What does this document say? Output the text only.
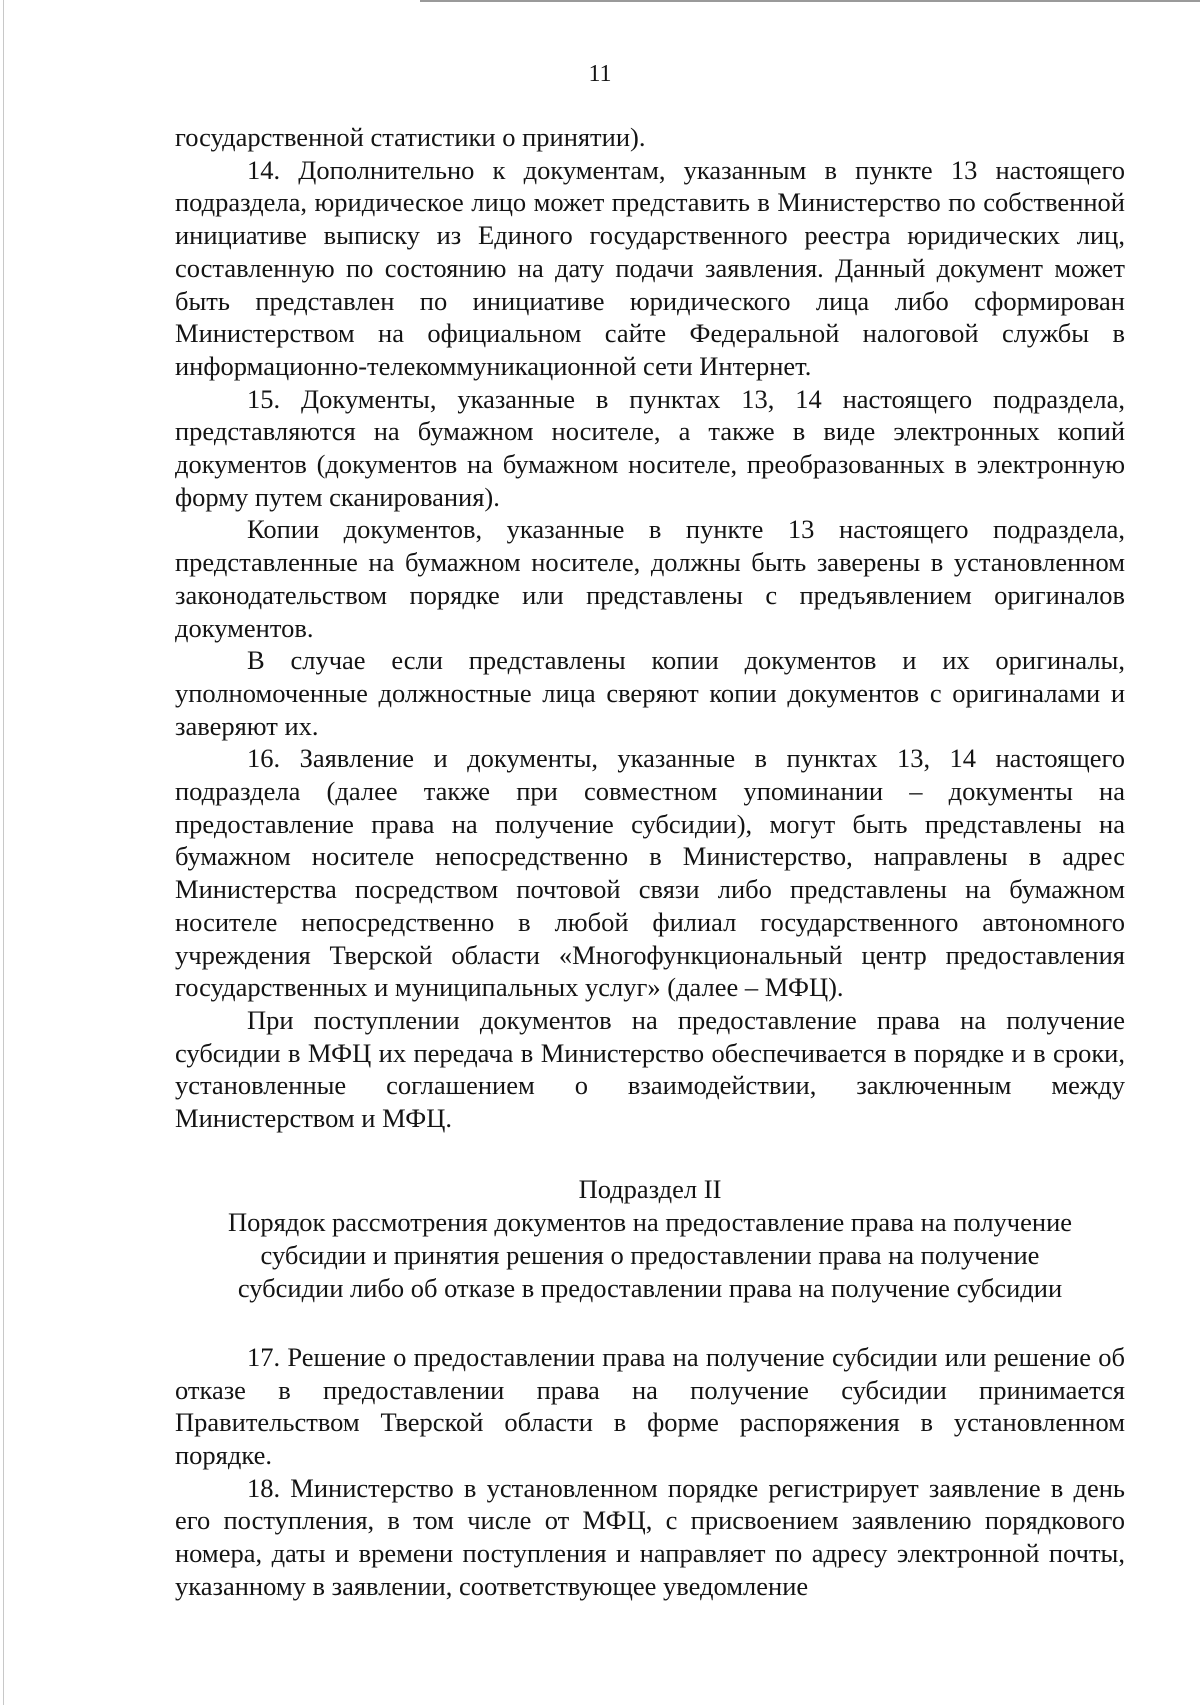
11

государственной статистики о принятии).

14. Дополнительно к документам, указанным в пункте 13 настоящего подраздела, юридическое лицо может представить в Министерство по собственной инициативе выписку из Единого государственного реестра юридических лиц, составленную по состоянию на дату подачи заявления. Данный документ может быть представлен по инициативе юридического лица либо сформирован Министерством на официальном сайте Федеральной налоговой службы в информационно-телекоммуникационной сети Интернет.

15. Документы, указанные в пунктах 13, 14 настоящего подраздела, представляются на бумажном носителе, а также в виде электронных копий документов (документов на бумажном носителе, преобразованных в электронную форму путем сканирования).

Копии документов, указанные в пункте 13 настоящего подраздела, представленные на бумажном носителе, должны быть заверены в установленном законодательством порядке или представлены с предъявлением оригиналов документов.

В случае если представлены копии документов и их оригиналы, уполномоченные должностные лица сверяют копии документов с оригиналами и заверяют их.

16. Заявление и документы, указанные в пунктах 13, 14 настоящего подраздела (далее также при совместном упоминании – документы на предоставление права на получение субсидии), могут быть представлены на бумажном носителе непосредственно в Министерство, направлены в адрес Министерства посредством почтовой связи либо представлены на бумажном носителе непосредственно в любой филиал государственного автономного учреждения Тверской области «Многофункциональный центр предоставления государственных и муниципальных услуг» (далее – МФЦ).

При поступлении документов на предоставление права на получение субсидии в МФЦ их передача в Министерство обеспечивается в порядке и в сроки, установленные соглашением о взаимодействии, заключенным между Министерством и МФЦ.

Подраздел II

Порядок рассмотрения документов на предоставление права на получение

субсидии и принятия решения о предоставлении права на получение

субсидии либо об отказе в предоставлении права на получение субсидии

17. Решение о предоставлении права на получение субсидии или решение об отказе в предоставлении права на получение субсидии принимается Правительством Тверской области в форме распоряжения в установленном порядке.

18. Министерство в установленном порядке регистрирует заявление в день его поступления, в том числе от МФЦ, с присвоением заявлению порядкового номера, даты и времени поступления и направляет по адресу электронной почты, указанному в заявлении, соответствующее уведомление
